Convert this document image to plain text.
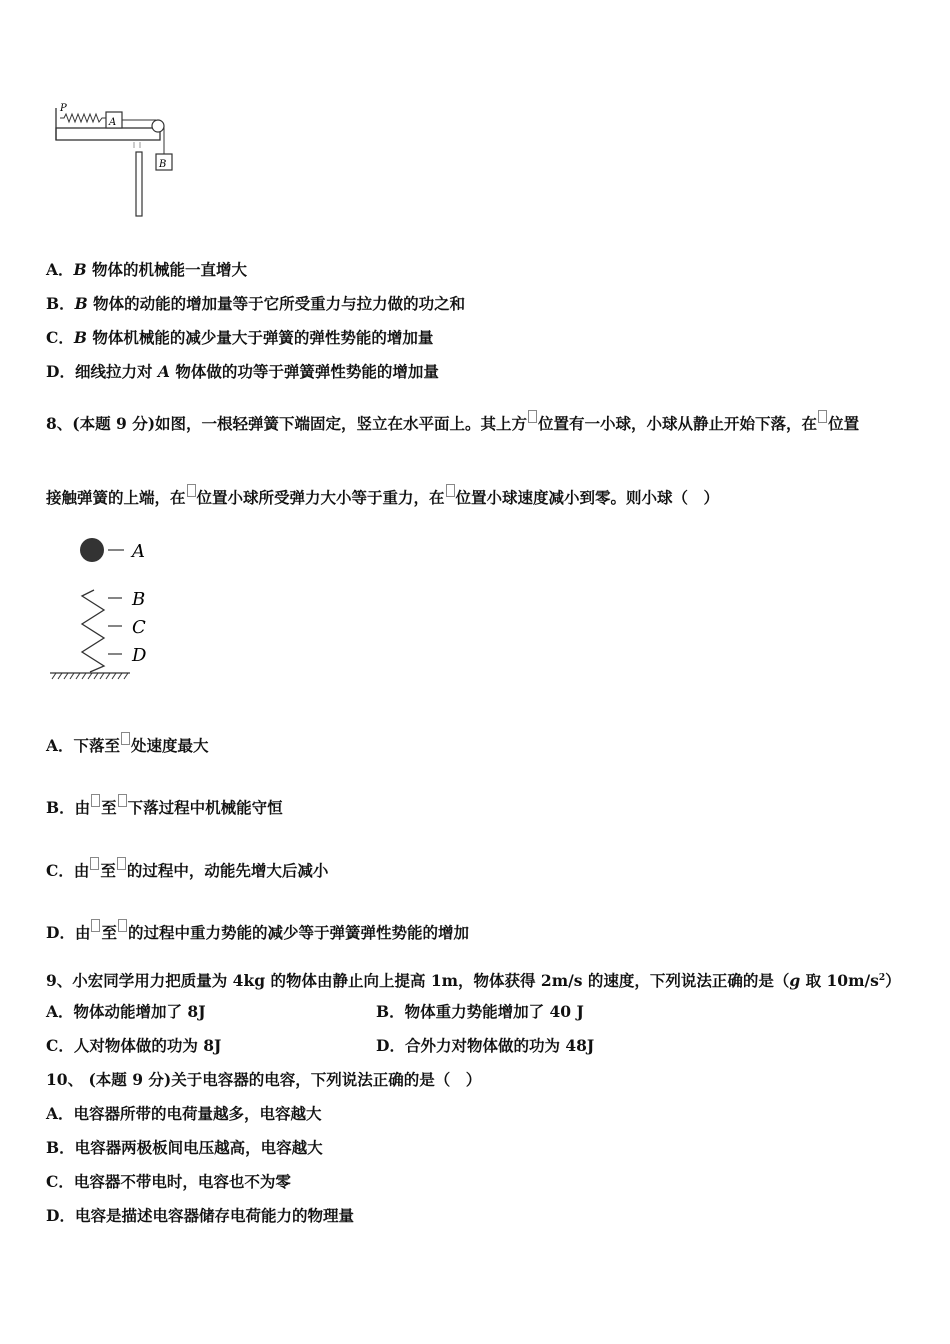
P
A
B
A．B 物体的机械能一直增大
B．B 物体的动能的增加量等于它所受重力与拉力做的功之和
C．B 物体机械能的减少量大于弹簧的弹性势能的增加量
D．细线拉力对 A 物体做的功等于弹簧弹性势能的增加量
8、(本题 9 分)如图，一根轻弹簧下端固定，竖立在水平面上。其上方 位置有一小球，小球从静止开始下落，在 位置
接触弹簧的上端，在 位置小球所受弹力大小等于重力，在 位置小球速度减小到零。则小球（　）
A
B
C
D
A．下落至 处速度最大
B．由 至 下落过程中机械能守恒
C．由 至 的过程中，动能先增大后减小
D．由 至 的过程中重力势能的减少等于弹簧弹性势能的增加
9、小宏同学用力把质量为 4kg 的物体由静止向上提高 1m，物体获得 2m/s 的速度，下列说法正确的是（g 取 $10m/s^2$）
A．物体动能增加了 8J	B．物体重力势能增加了 40 J
C．人对物体做的功为 8J	D．合外力对物体做的功为 48J
10、 (本题 9 分)关于电容器的电容，下列说法正确的是（　）
A．电容器所带的电荷量越多，电容越大
B．电容器两极板间电压越高，电容越大
C．电容器不带电时，电容也不为零
D．电容是描述电容器储存电荷能力的物理量
